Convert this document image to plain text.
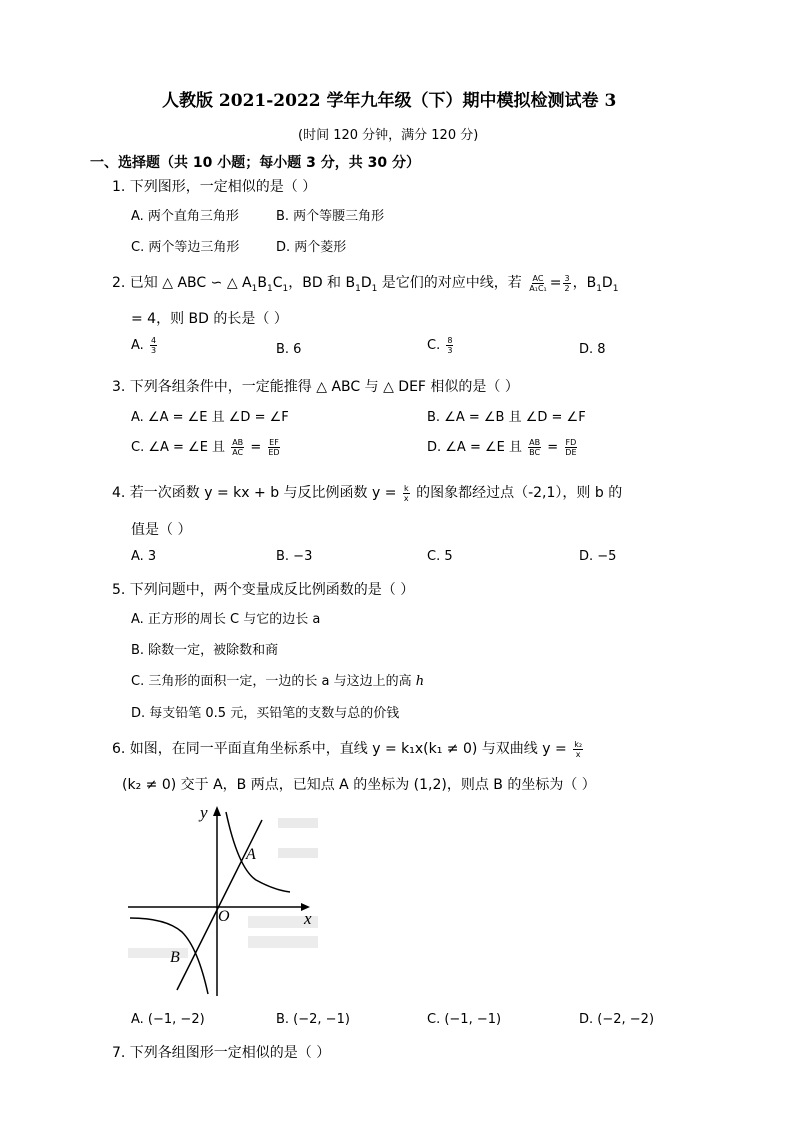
人教版 2021-2022 学年九年级（下）期中模拟检测试卷 3
(时间 120 分钟，满分 120 分)
一、选择题（共 10 小题；每小题 3 分，共 30 分）
1. 下列图形，一定相似的是（ ）
A. 两个直角三角形	B. 两个等腰三角形
C. 两个等边三角形	D. 两个菱形
2. 已知 △ ABC ∽ △ $A_1B_1C_1$，BD 和 $B_1D_1$ 是它们的对应中线，若 $\frac{AC}{\text{A₁C₁}} = \frac{3}{2}$ ，$B_1D_1$
= 4，则 BD 的长是（ ）
A. $\frac{4}{3}$	B. 6	C. $\frac{8}{3}$	D. 8
3. 下列各组条件中，一定能推得 △ ABC 与 △ DEF 相似的是（ ）
A. ∠A = ∠E 且 ∠D = ∠F	B. ∠A = ∠B 且 ∠D = ∠F
C. ∠A = ∠E 且 $\frac{AB}{AC} = \frac{EF}{ED}$	D. ∠A = ∠E 且 $\frac{AB}{BC} = \frac{FD}{DE}$
4. 若一次函数 y = kx + b 与反比例函数 $y = \frac{k}{x}$ 的图象都经过点（-2,1），则 b 的
值是（ ）
A. 3	B. −3	C. 5	D. −5
5. 下列问题中，两个变量成反比例函数的是（ ）
A. 正方形的周长 C 与它的边长 a
B. 除数一定，被除数和商
C. 三角形的面积一定，一边的长 a 与这边上的高 h
D. 每支铅笔 0.5 元，买铅笔的支数与总的价钱
6. 如图，在同一平面直角坐标系中，直线 y = k₁x(k₁ ≠ 0) 与双曲线 $y = \frac{\text{k₂}}{x}$
(k₂ ≠ 0) 交于 A，B 两点，已知点 A 的坐标为 (1,2)，则点 B 的坐标为（ ）
y
x
O
A
B
A. (−1, −2)	B. (−2, −1)	C. (−1, −1)	D. (−2, −2)
7. 下列各组图形一定相似的是（ ）
